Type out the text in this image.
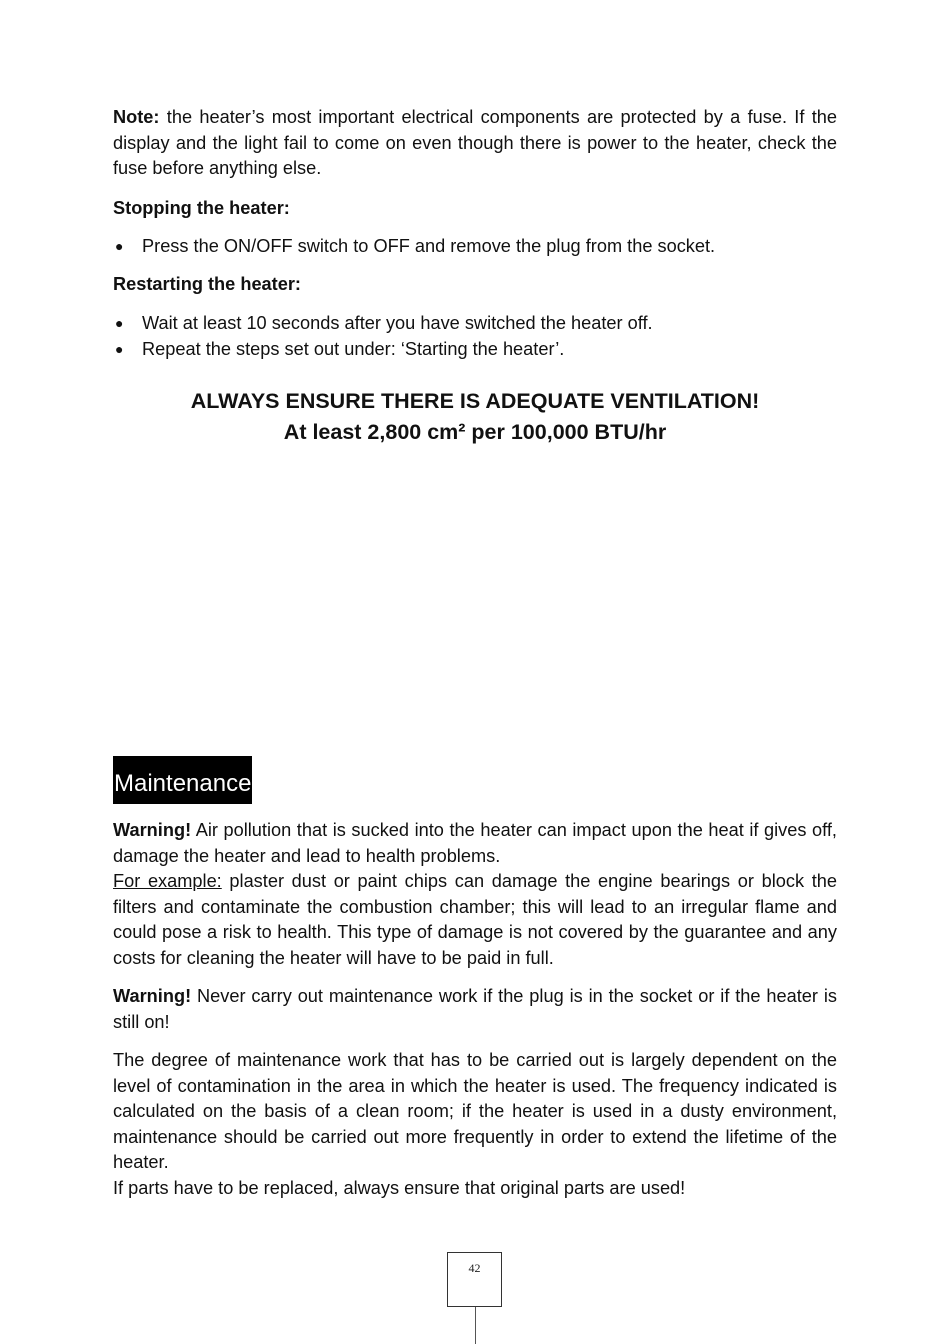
Note: the heater’s most important electrical components are protected by a fuse. If the display and the light fail to come on even though there is power to the heater, check the fuse before anything else.

Stopping the heater:
● Press the ON/OFF switch to OFF and remove the plug from the socket.
Restarting the heater:
● Wait at least 10 seconds after you have switched the heater off.
● Repeat the steps set out under: ‘Starting the heater’.
ALWAYS ENSURE THERE IS ADEQUATE VENTILATION!
At least 2,800 cm² per 100,000 BTU/hr
Maintenance

Warning! Air pollution that is sucked into the heater can impact upon the heat if gives off, damage the heater and lead to health problems.
For example: plaster dust or paint chips can damage the engine bearings or block the filters and contaminate the combustion chamber; this will lead to an irregular flame and could pose a risk to health. This type of damage is not covered by the guarantee and any costs for cleaning the heater will have to be paid in full.

Warning! Never carry out maintenance work if the plug is in the socket or if the heater is still on!

The degree of maintenance work that has to be carried out is largely dependent on the level of contamination in the area in which the heater is used. The frequency indicated is calculated on the basis of a clean room; if the heater is used in a dusty environment, maintenance should be carried out more frequently in order to extend the lifetime of the heater.
If parts have to be replaced, always ensure that original parts are used!

42
